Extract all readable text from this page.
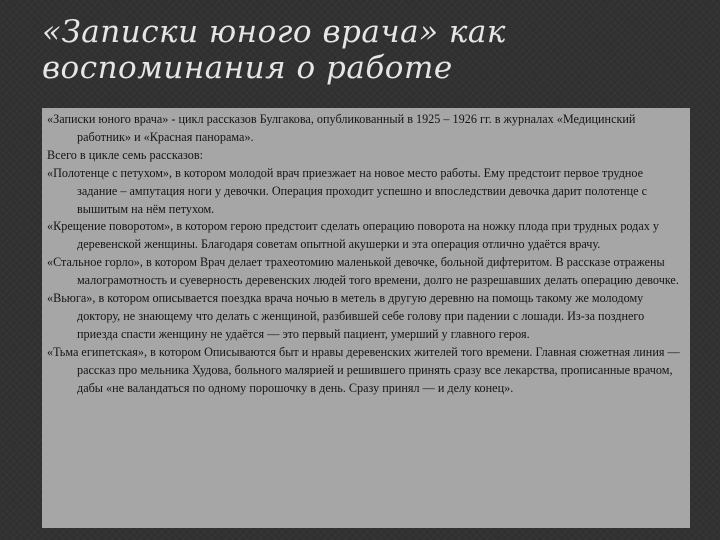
«Записки юного врача» как воспоминания о работе

«Записки юного врача» - цикл рассказов Булгакова, опубликованный в 1925 – 1926 гг. в журналах «Медицинский работник» и «Красная панорама».

Всего в цикле семь рассказов:

«Полотенце с петухом», в котором молодой врач приезжает на новое место работы. Ему предстоит первое трудное задание – ампутация ноги у девочки. Операция проходит успешно и впоследствии девочка дарит полотенце с вышитым на нём петухом.

«Крещение поворотом», в котором герою предстоит сделать операцию поворота на ножку плода при трудных родах у деревенской женщины. Благодаря советам опытной акушерки и эта операция отлично удаётся врачу.

«Стальное горло», в котором Врач делает трахеотомию маленькой девочке, больной дифтеритом. В рассказе отражены малограмотность и суеверность деревенских людей того времени, долго не разрешавших делать операцию девочке.

«Вьюга», в котором описывается поездка врача ночью в метель в другую деревню на помощь такому же молодому доктору, не знающему что делать с женщиной, разбившей себе голову при падении с лошади. Из-за позднего приезда спасти женщину не удаётся — это первый пациент, умерший у главного героя.

«Тьма египетская», в котором Описываются быт и нравы деревенских жителей того времени. Главная сюжетная линия — рассказ про мельника Худова, больного малярией и решившего принять сразу все лекарства, прописанные врачом, дабы «не валандаться по одному порошочку в день. Сразу принял — и делу конец».
